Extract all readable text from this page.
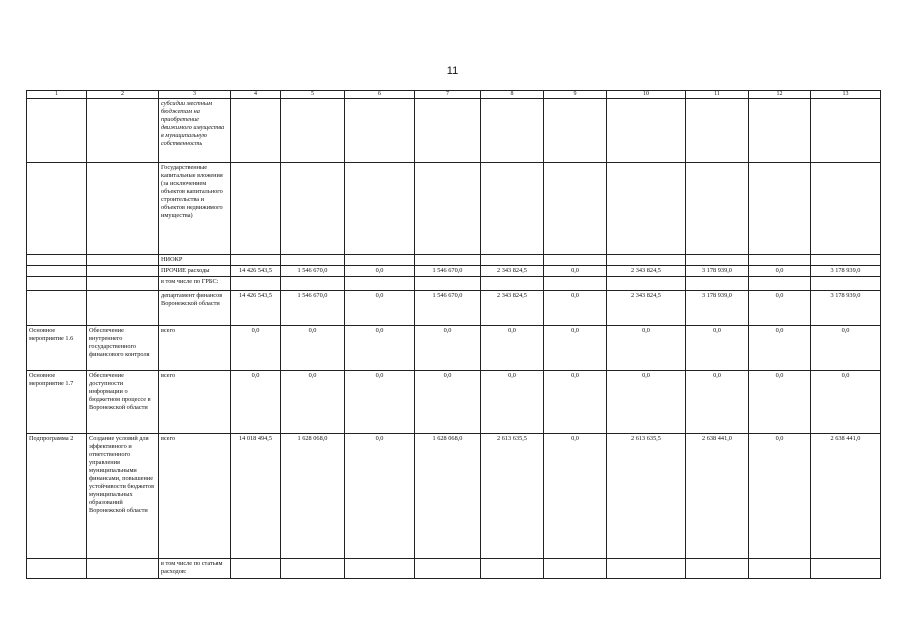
11
1	2	3	4	5	6	7	8	9	10	11	12	13
		субсидии местным бюджетам на приобретение движимого имущества в муниципальную собственность										
		Государственные капитальные вложения (за исключением объектов капитального строительства и объектов недвижимого имущества)										
		НИОКР										
		ПРОЧИЕ расходы	14 426 543,5	1 546 670,0	0,0	1 546 670,0	2 343 824,5	0,0	2 343 824,5	3 178 939,0	0,0	3 178 939,0
		в том числе по ГРБС:										
		департамент финансов Воронежской области	14 426 543,5	1 546 670,0	0,0	1 546 670,0	2 343 824,5	0,0	2 343 824,5	3 178 939,0	0,0	3 178 939,0
Основное мероприятие 1.6	Обеспечение внутреннего государственного финансового контроля	всего	0,0	0,0	0,0	0,0	0,0	0,0	0,0	0,0	0,0	0,0
Основное мероприятие 1.7	Обеспечение доступности информации о бюджетном процессе в Воронежской области	всего	0,0	0,0	0,0	0,0	0,0	0,0	0,0	0,0	0,0	0,0
Подпрограмма 2	Создание условий для эффективного и ответственного управления муниципальными финансами, повышение устойчивости бюджетов муниципальных образований Воронежской области	всего	14 018 494,5	1 628 068,0	0,0	1 628 068,0	2 613 635,5	0,0	2 613 635,5	2 638 441,0	0,0	2 638 441,0
		в том числе по статьям расходов:										
